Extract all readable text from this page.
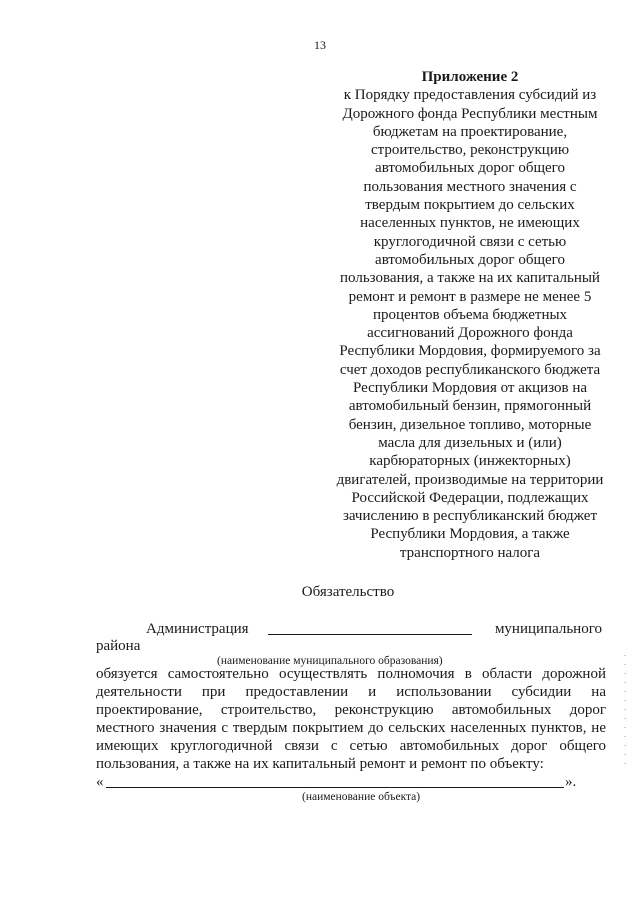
13
Приложение 2
к Порядку предоставления субсидий из
Дорожного фонда Республики местным
бюджетам на проектирование,
строительство, реконструкцию
автомобильных дорог общего
пользования местного значения с
твердым покрытием до сельских
населенных пунктов, не имеющих
круглогодичной связи с сетью
автомобильных дорог общего
пользования, а также на их капитальный
ремонт и ремонт в размере не менее 5
процентов объема бюджетных
ассигнований Дорожного фонда
Республики Мордовия, формируемого за
счет доходов республиканского бюджета
Республики Мордовия от акцизов на
автомобильный бензин, прямогонный
бензин, дизельное топливо, моторные
масла для дизельных и (или)
карбюраторных (инжекторных)
двигателей, производимые на территории
Российской Федерации, подлежащих
зачислению в республиканский бюджет
Республики Мордовия, а также
транспортного налога
Обязательство
Администрация	муниципального
района
(наименование муниципального образования)
обязуется самостоятельно осуществлять полномочия в области дорожной деятельности при предоставлении и использовании субсидии на проектирование, строительство, реконструкцию автомобильных дорог местного значения с твердым покрытием до сельских населенных пунктов, не имеющих круглогодичной связи с сетью автомобильных дорог общего пользования, а также на их капитальный ремонт и ремонт по объекту:
«	».
(наименование объекта)
